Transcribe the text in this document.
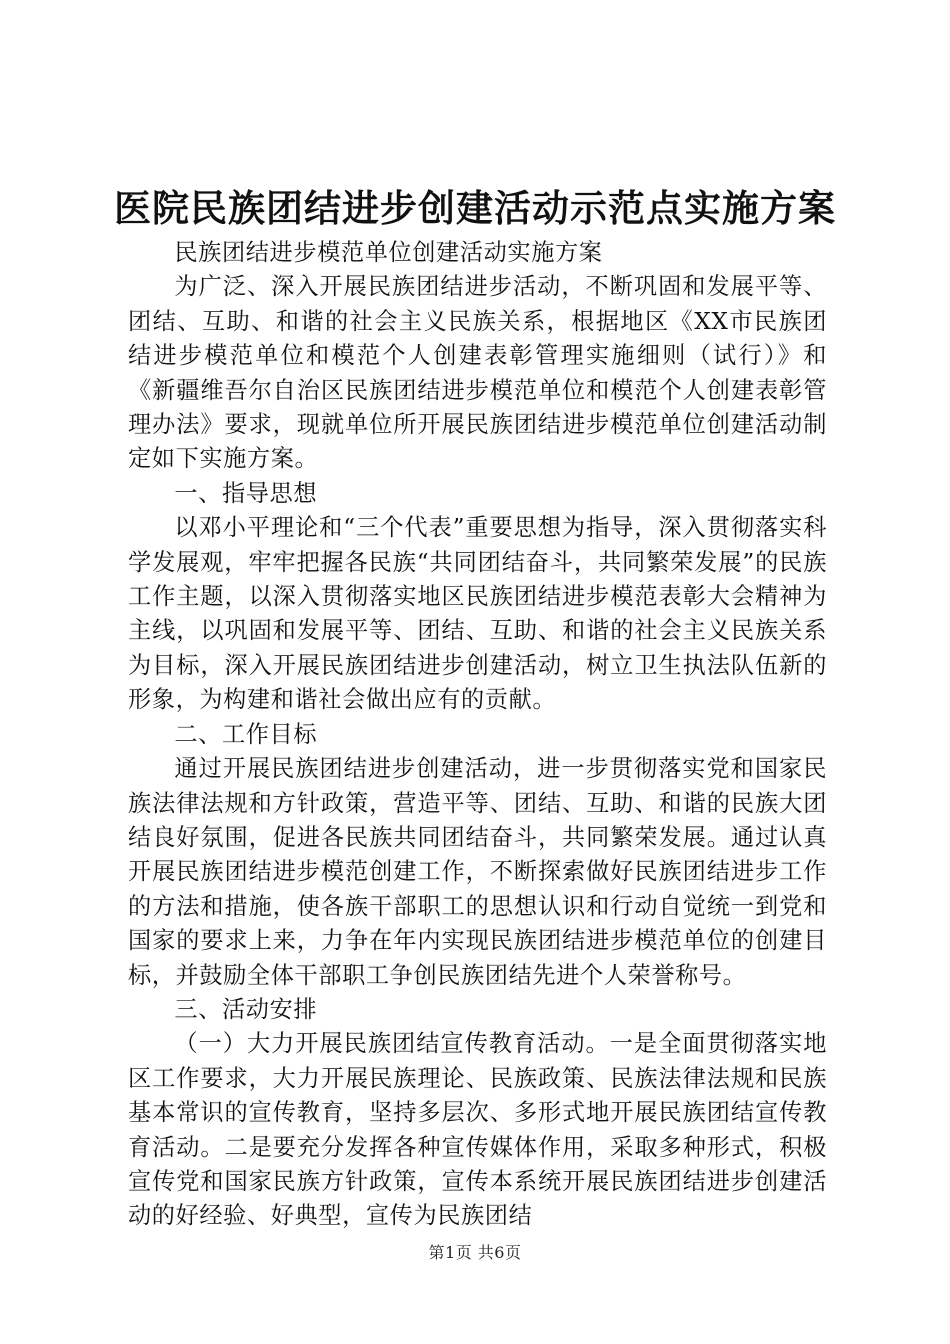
医院民族团结进步创建活动示范点实施方案

民族团结进步模范单位创建活动实施方案

为广泛、深入开展民族团结进步活动，不断巩固和发展平等、团结、互助、和谐的社会主义民族关系，根据地区《XX市民族团结进步模范单位和模范个人创建表彰管理实施细则（试行）》和《新疆维吾尔自治区民族团结进步模范单位和模范个人创建表彰管理办法》要求，现就单位所开展民族团结进步模范单位创建活动制定如下实施方案。

一、指导思想

以邓小平理论和“三个代表”重要思想为指导，深入贯彻落实科学发展观，牢牢把握各民族“共同团结奋斗，共同繁荣发展”的民族工作主题，以深入贯彻落实地区民族团结进步模范表彰大会精神为主线，以巩固和发展平等、团结、互助、和谐的社会主义民族关系为目标，深入开展民族团结进步创建活动，树立卫生执法队伍新的形象，为构建和谐社会做出应有的贡献。

二、工作目标

通过开展民族团结进步创建活动，进一步贯彻落实党和国家民族法律法规和方针政策，营造平等、团结、互助、和谐的民族大团结良好氛围，促进各民族共同团结奋斗，共同繁荣发展。通过认真开展民族团结进步模范创建工作，不断探索做好民族团结进步工作的方法和措施，使各族干部职工的思想认识和行动自觉统一到党和国家的要求上来，力争在年内实现民族团结进步模范单位的创建目标，并鼓励全体干部职工争创民族团结先进个人荣誉称号。

三、活动安排

（一）大力开展民族团结宣传教育活动。一是全面贯彻落实地区工作要求，大力开展民族理论、民族政策、民族法律法规和民族基本常识的宣传教育，坚持多层次、多形式地开展民族团结宣传教育活动。二是要充分发挥各种宣传媒体作用，采取多种形式，积极宣传党和国家民族方针政策，宣传本系统开展民族团结进步创建活动的好经验、好典型，宣传为民族团结

第1页 共6页
